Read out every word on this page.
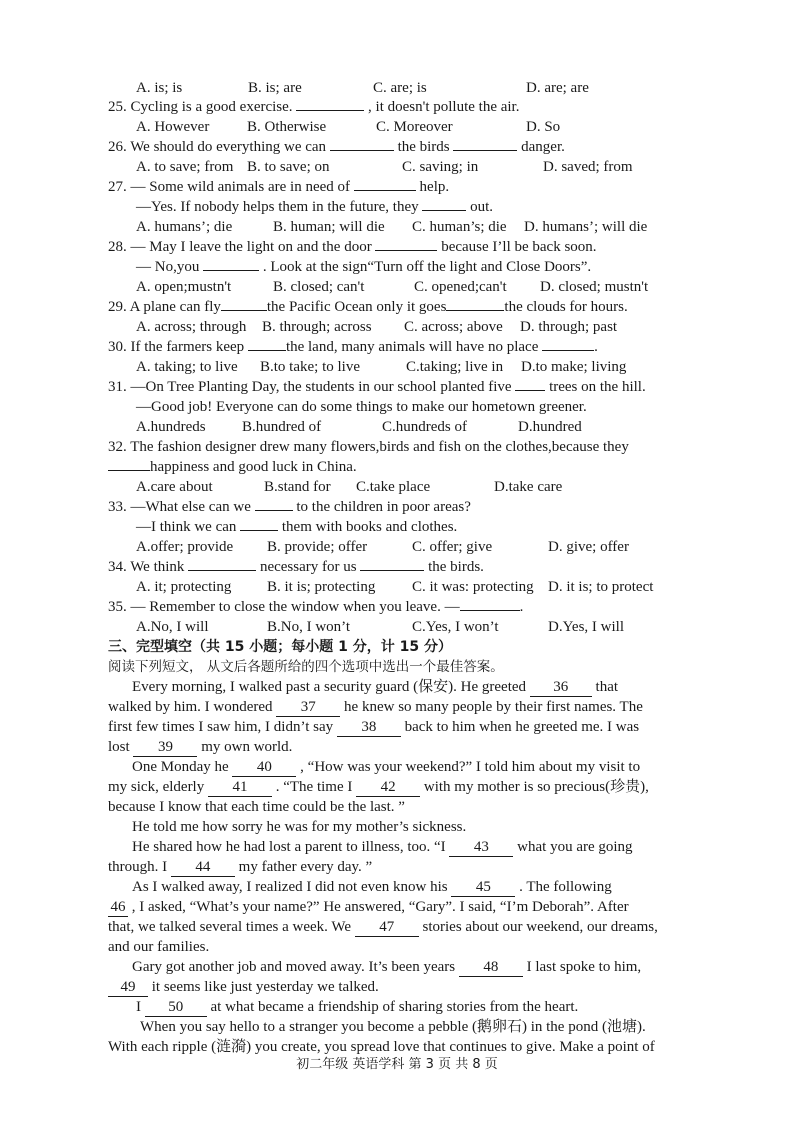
A. is; is	B. is; are	C. are; is	D. are; are
25. Cycling is a good exercise.	, it doesn't pollute the air.
A. However	B. Otherwise	C. Moreover	D. So
26. We should do everything we can	the birds	danger.
A. to save; from B. to save; on	C. saving; in	D. saved; from
27. — Some wild animals are in need of	help.
—Yes. If nobody helps them in the future, they	out.
A. humans’; die	B. human; will die C. human’s; die D. humans’; will die
28. — May I leave the light on and the door	because I’ll be back soon.
— No,you	. Look at the sign“Turn off the light and Close Doors”.
A. open;mustn't	B. closed; can't	C. opened;can't D. closed; mustn't
29. A plane can fly	the Pacific Ocean only it goes	the clouds for hours.
A. across; through B. through; across C. across; above D. through; past
30. If the farmers keep	the land, many animals will have no place	.
A. taking; to live B.to take; to live	C.taking; live in D.to make; living
31. —On Tree Planting Day, the students in our school planted five  trees on the hill.
—Good job! Everyone can do some things to make our hometown greener.
A.hundreds B.hundred of	C.hundreds of	D.hundred
32. The fashion designer drew many flowers,birds and fish on the clothes,because they
happiness and good luck in China.
A.care about	B.stand for C.take place	D.take care
33. —What else can we	to the children in poor areas?
—I think we can	them with books and clothes.
A.offer; provide B. provide; offer	C. offer; give	D. give; offer
34. We think	necessary for us	the birds.
A. it; protecting B. it is; protecting C. it was: protecting D. it is; to protect
35. — Remember to close the window when you leave. —	.
A.No, I will	B.No, I won’t	C.Yes, I won’t	D.Yes, I will
三、完型填空（共 15 小题；每小题 1 分，计 15 分）
阅读下列短文， 从文后各题所给的四个选项中选出一个最佳答案。
Every morning, I walked past a security guard (保安). He greeted 36 that
walked by him. I wondered 37 he knew so many people by their first names. The
first few times I saw him, I didn’t say 38 back to him when he greeted me. I was
lost 39 my own world.
One Monday he 40 , “How was your weekend?” I told him about my visit to
my sick, elderly 41 . “The time I 42 with my mother is so precious(珍贵),
because I know that each time could be the last. ”
He told me how sorry he was for my mother’s sickness.
He shared how he had lost a parent to illness, too. “I 43 what you are going
through. I 44 my father every day. ”
As I walked away, I realized I did not even know his 45 . The following
46 , I asked, “What’s your name?” He answered, “Gary”. I said, “I’m Deborah”. After
that, we talked several times a week. We 47 stories about our weekend, our dreams,
and our families.
Gary got another job and moved away. It’s been years 48 I last spoke to him,
49 it seems like just yesterday we talked.
I 50 at what became a friendship of sharing stories from the heart.
When you say hello to a stranger you become a pebble (鹅卵石) in the pond (池塘).
With each ripple (涟漪) you create, you spread love that continues to give. Make a point of
初二年级 英语学科 第 3 页 共 8 页
